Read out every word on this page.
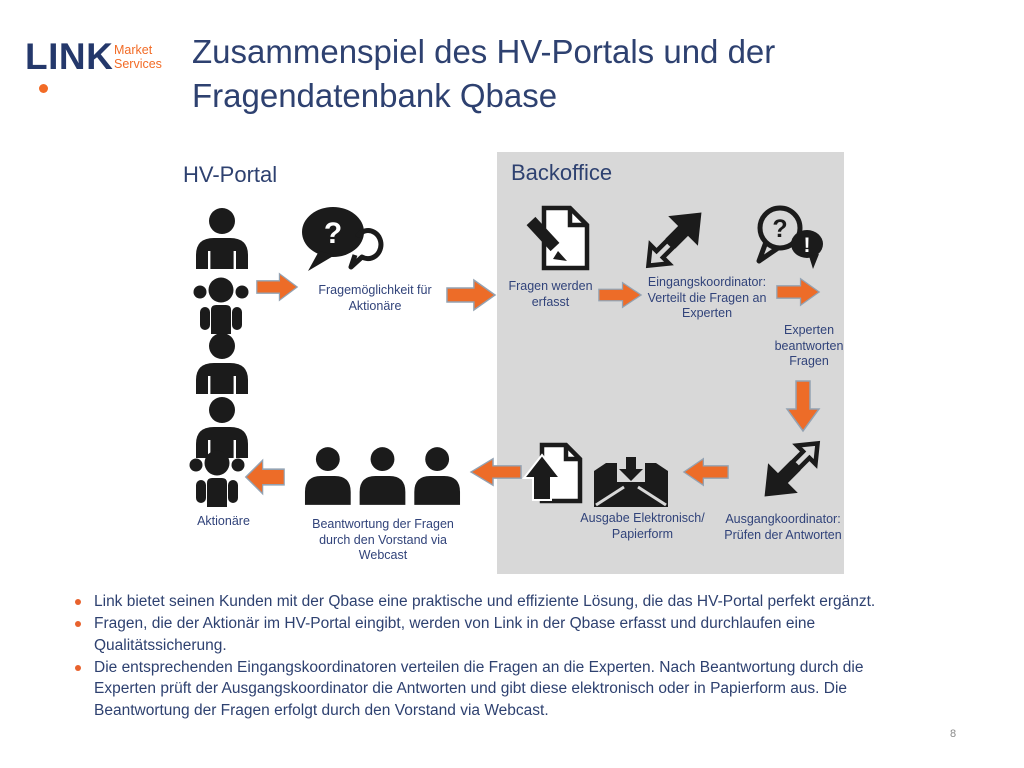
LINK Market
Services Zusammenspiel des HV-Portals und der
Fragendatenbank Qbase
HV-Portal	Backoffice
Aktionäre
?
Fragemöglichkeit für Aktionäre
Fragen werden erfasst
Eingangskoordinator: Verteilt die Fragen an Experten
?
!
Experten beantworten Fragen
Ausgangkoordinator: Prüfen der Antworten
Ausgabe Elektronisch/ Papierform
Beantwortung der Fragen durch den Vorstand via Webcast
Link bietet seinen Kunden mit der Qbase eine praktische und effiziente Lösung, die das HV-Portal perfekt ergänzt.
Fragen, die der Aktionär im HV-Portal eingibt, werden von Link in der Qbase erfasst und durchlaufen eine Qualitätssicherung.
Die entsprechenden Eingangskoordinatoren verteilen die Fragen an die Experten. Nach Beantwortung durch die Experten prüft der Ausgangskoordinator die Antworten und gibt diese elektronisch oder in Papierform aus. Die Beantwortung der Fragen erfolgt durch den Vorstand via Webcast.
8
